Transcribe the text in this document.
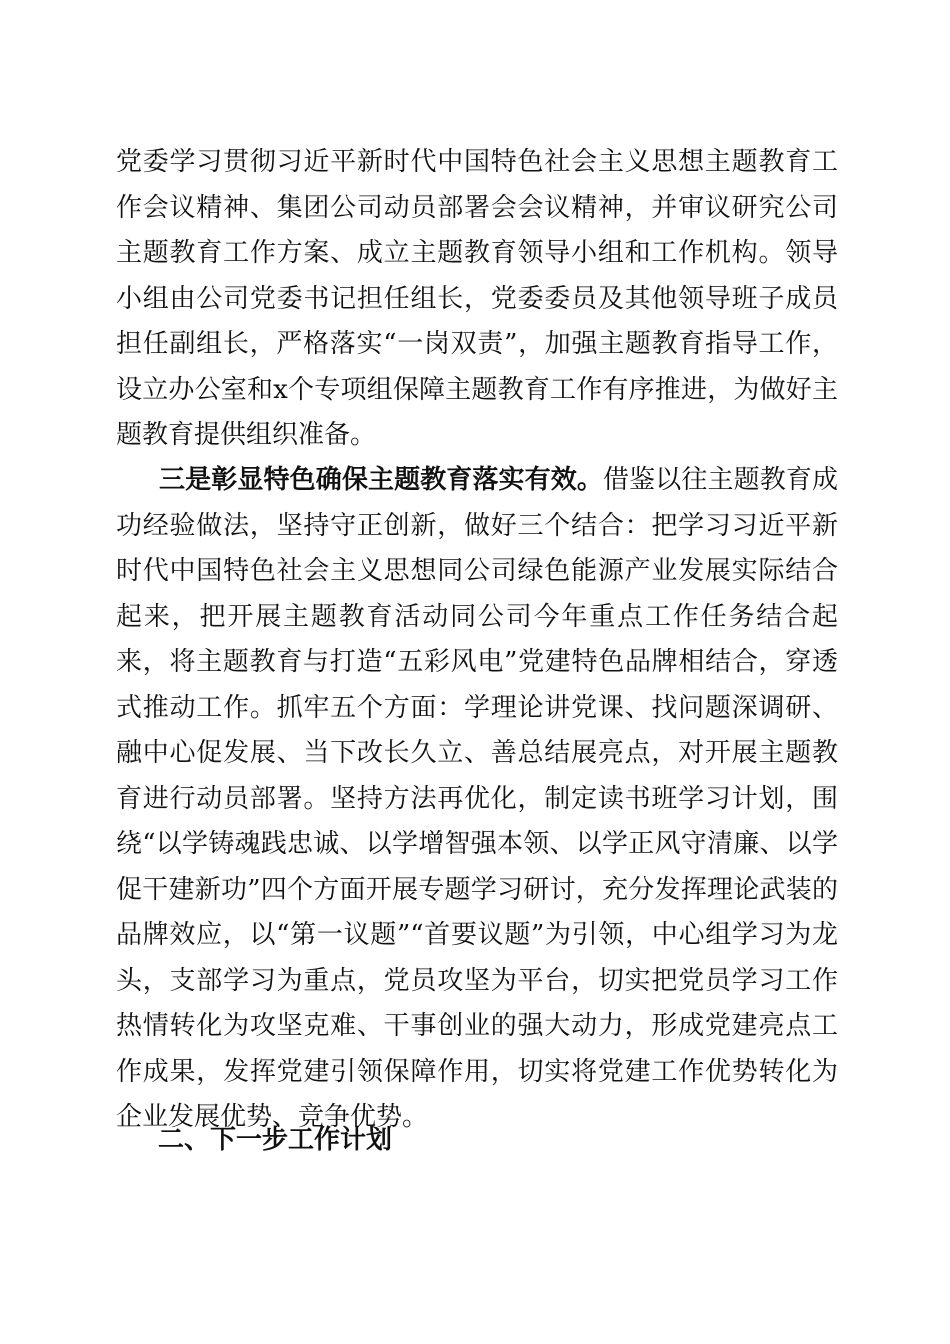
党委学习贯彻习近平新时代中国特色社会主义思想主题教育工作会议精神、集团公司动员部署会会议精神，并审议研究公司主题教育工作方案、成立主题教育领导小组和工作机构。领导小组由公司党委书记担任组长，党委委员及其他领导班子成员担任副组长，严格落实“一岗双责”，加强主题教育指导工作，设立办公室和x个专项组保障主题教育工作有序推进，为做好主题教育提供组织准备。

三是彰显特色确保主题教育落实有效。借鉴以往主题教育成功经验做法，坚持守正创新，做好三个结合：把学习习近平新时代中国特色社会主义思想同公司绿色能源产业发展实际结合起来，把开展主题教育活动同公司今年重点工作任务结合起来，将主题教育与打造“五彩风电”党建特色品牌相结合，穿透式推动工作。抓牢五个方面：学理论讲党课、找问题深调研、融中心促发展、当下改长久立、善总结展亮点，对开展主题教育进行动员部署。坚持方法再优化，制定读书班学习计划，围绕“以学铸魂践忠诚、以学增智强本领、以学正风守清廉、以学促干建新功”四个方面开展专题学习研讨，充分发挥理论武装的品牌效应，以“第一议题”“首要议题”为引领，中心组学习为龙头，支部学习为重点，党员攻坚为平台，切实把党员学习工作热情转化为攻坚克难、干事创业的强大动力，形成党建亮点工作成果，发挥党建引领保障作用，切实将党建工作优势转化为企业发展优势、竞争优势。

二、下一步工作计划
